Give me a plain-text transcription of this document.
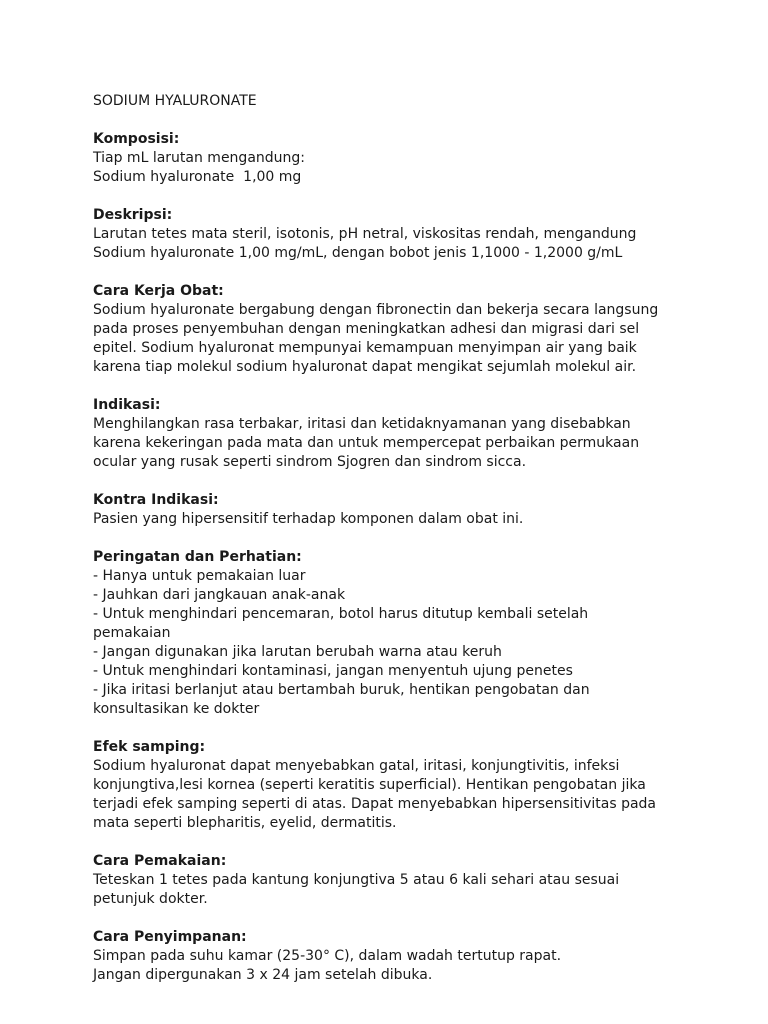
SODIUM HYALURONATE
Komposisi:

Tiap mL larutan mengandung:

Sodium hyaluronate  1,00 mg

Deskripsi:

Larutan tetes mata steril, isotonis, pH netral, viskositas rendah, mengandung

Sodium hyaluronate 1,00 mg/mL, dengan bobot jenis 1,1000 - 1,2000 g/mL

Cara Kerja Obat:

Sodium hyaluronate bergabung dengan fibronectin dan bekerja secara langsung

pada proses penyembuhan dengan meningkatkan adhesi dan migrasi dari sel

epitel. Sodium hyaluronat mempunyai kemampuan menyimpan air yang baik

karena tiap molekul sodium hyaluronat dapat mengikat sejumlah molekul air.

Indikasi:

Menghilangkan rasa terbakar, iritasi dan ketidaknyamanan yang disebabkan

karena kekeringan pada mata dan untuk mempercepat perbaikan permukaan

ocular yang rusak seperti sindrom Sjogren dan sindrom sicca.

Kontra Indikasi:

Pasien yang hipersensitif terhadap komponen dalam obat ini.

Peringatan dan Perhatian:

- Hanya untuk pemakaian luar

- Jauhkan dari jangkauan anak-anak

- Untuk menghindari pencemaran, botol harus ditutup kembali setelah

pemakaian

- Jangan digunakan jika larutan berubah warna atau keruh

- Untuk menghindari kontaminasi, jangan menyentuh ujung penetes

- Jika iritasi berlanjut atau bertambah buruk, hentikan pengobatan dan

konsultasikan ke dokter

Efek samping:

Sodium hyaluronat dapat menyebabkan gatal, iritasi, konjungtivitis, infeksi

konjungtiva,lesi kornea (seperti keratitis superficial). Hentikan pengobatan jika

terjadi efek samping seperti di atas. Dapat menyebabkan hipersensitivitas pada

mata seperti blepharitis, eyelid, dermatitis.

Cara Pemakaian:

Teteskan 1 tetes pada kantung konjungtiva 5 atau 6 kali sehari atau sesuai

petunjuk dokter.

Cara Penyimpanan:

Simpan pada suhu kamar (25-30° C), dalam wadah tertutup rapat.

Jangan dipergunakan 3 x 24 jam setelah dibuka.
